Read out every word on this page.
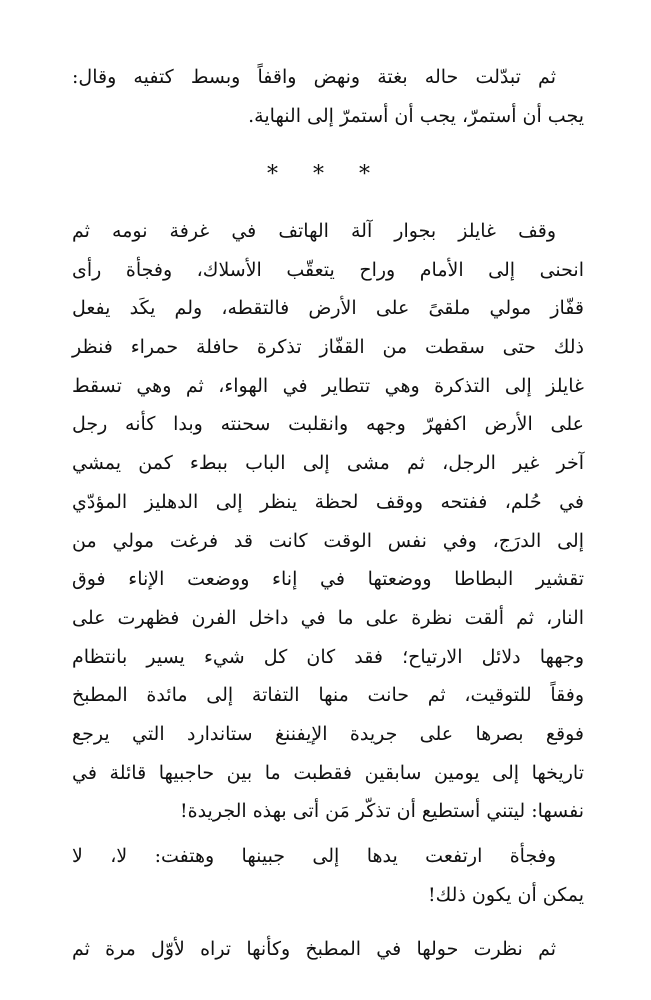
ثم تبدّلت حاله بغتة ونهض واقفاً وبسط كتفيه وقال:
يجب أن أستمرّ، يجب أن أستمرّ إلى النهاية.
* * *
وقف غايلز بجوار آلة الهاتف في غرفة نومه ثم
انحنى إلى الأمام وراح يتعقّب الأسلاك، وفجأة رأى
قفّاز مولي ملقىً على الأرض فالتقطه، ولم يكَد يفعل
ذلك حتى سقطت من القفّاز تذكرة حافلة حمراء فنظر
غايلز إلى التذكرة وهي تتطاير في الهواء، ثم وهي تسقط
على الأرض اكفهرّ وجهه وانقلبت سحنته وبدا كأنه رجل
آخر غير الرجل، ثم مشى إلى الباب ببطء كمن يمشي
في حُلم، ففتحه ووقف لحظة ينظر إلى الدهليز المؤدّي
إلى الدرَج، وفي نفس الوقت كانت قد فرغت مولي من
تقشير البطاطا ووضعتها في إناء ووضعت الإناء فوق
النار، ثم ألقت نظرة على ما في داخل الفرن فظهرت على
وجهها دلائل الارتياح؛ فقد كان كل شيء يسير بانتظام
وفقاً للتوقيت، ثم حانت منها التفاتة إلى مائدة المطبخ
فوقع بصرها على جريدة الإيفننغ ستاندارد التي يرجع
تاريخها إلى يومين سابقين فقطبت ما بين حاجبيها قائلة في
نفسها: ليتني أستطيع أن تذكّر مَن أتى بهذه الجريدة!
وفجأة ارتفعت يدها إلى جبينها وهتفت: لا، لا
يمكن أن يكون ذلك!
ثم نظرت حولها في المطبخ وكأنها تراه لأوّل مرة ثم
